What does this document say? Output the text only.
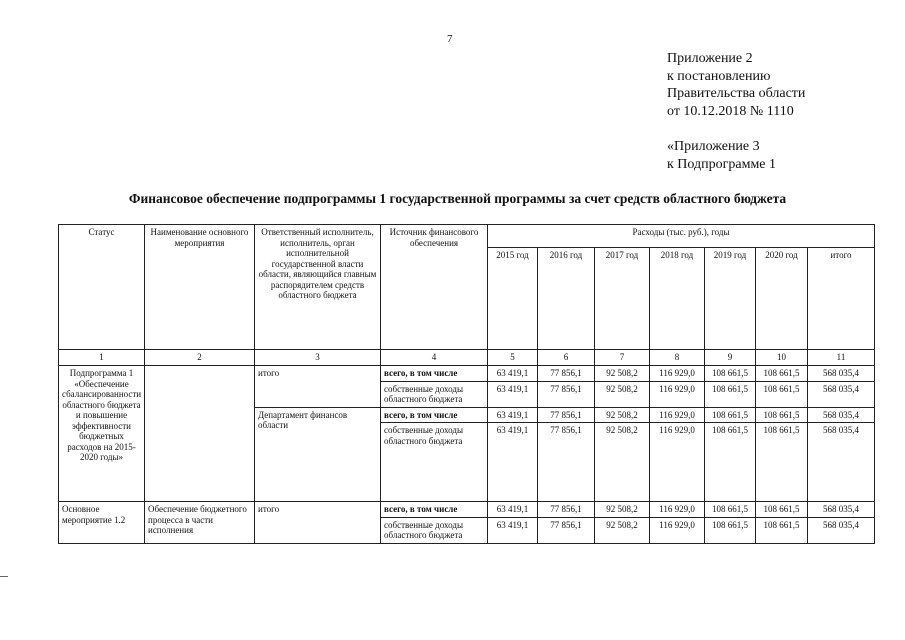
7
Приложение 2
к постановлению
Правительства области
от 10.12.2018 № 1110
«Приложение 3
к Подпрограмме 1
Финансовое обеспечение подпрограммы 1 государственной программы за счет средств областного бюджета
Статус	Наименование основного мероприятия	Ответственный исполнитель, исполнитель, орган исполнительной государственной власти области, являющийся главным распорядителем средств областного бюджета	Источник финансового обеспечения	Расходы (тыс. руб.), годы						
				2015 год	2016 год	2017 год	2018 год	2019 год	2020 год	итого
1	2	3	4	5	6	7	8	9	10	11
Подпрограмма 1 «Обеспечение сбалансированности областного бюджета и повышение эффективности бюджетных расходов на 2015-2020 годы»		итого	всего, в том числе	63 419,1	77 856,1	92 508,2	116 929,0	108 661,5	108 661,5	568 035,4
			собственные доходы областного бюджета	63 419,1	77 856,1	92 508,2	116 929,0	108 661,5	108 661,5	568 035,4
		Департамент финансов области	всего, в том числе	63 419,1	77 856,1	92 508,2	116 929,0	108 661,5	108 661,5	568 035,4
			собственные доходы областного бюджета	63 419,1	77 856,1	92 508,2	116 929,0	108 661,5	108 661,5	568 035,4
Основное мероприятие 1.2	Обеспечение бюджетного процесса в части исполнения	итого	всего, в том числе	63 419,1	77 856,1	92 508,2	116 929,0	108 661,5	108 661,5	568 035,4
			собственные доходы областного бюджета	63 419,1	77 856,1	92 508,2	116 929,0	108 661,5	108 661,5	568 035,4
